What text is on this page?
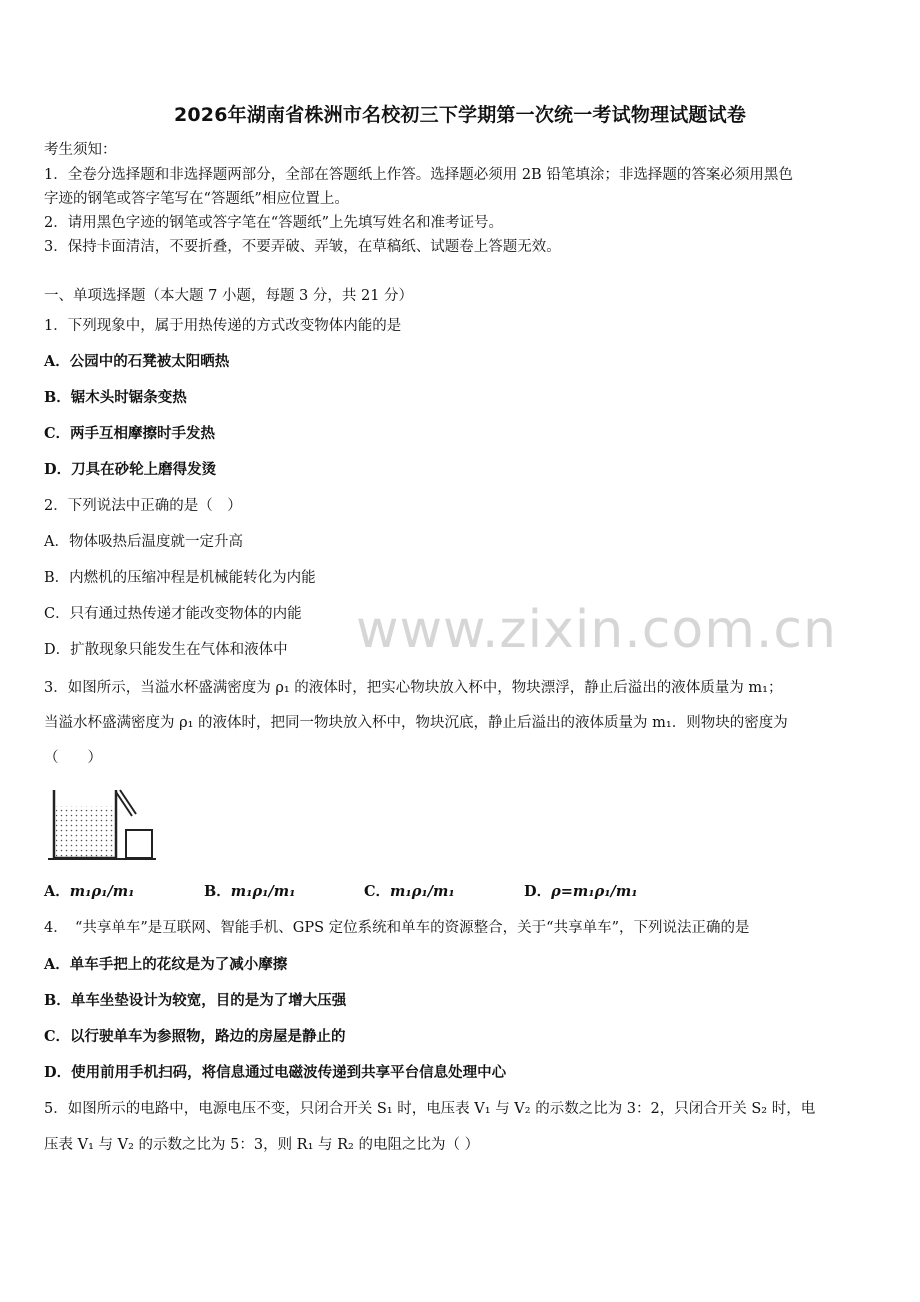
2026年湖南省株洲市名校初三下学期第一次统一考试物理试题试卷
考生须知：
1．全卷分选择题和非选择题两部分，全部在答题纸上作答。选择题必须用 2B 铅笔填涂；非选择题的答案必须用黑色
字迹的钢笔或答字笔写在“答题纸”相应位置上。
2．请用黑色字迹的钢笔或答字笔在“答题纸”上先填写姓名和准考证号。
3．保持卡面清洁，不要折叠，不要弄破、弄皱，在草稿纸、试题卷上答题无效。
一、单项选择题（本大题 7 小题，每题 3 分，共 21 分）
1．下列现象中，属于用热传递的方式改变物体内能的是
A．公园中的石凳被太阳晒热
B．锯木头时锯条变热
C．两手互相摩擦时手发热
D．刀具在砂轮上磨得发烫
2．下列说法中正确的是（　）
A．物体吸热后温度就一定升高
B．内燃机的压缩冲程是机械能转化为内能
C．只有通过热传递才能改变物体的内能
D．扩散现象只能发生在气体和液体中 www.zixin.com.cn
3．如图所示，当溢水杯盛满密度为 ρ₁ 的液体时，把实心物块放入杯中，物块漂浮，静止后溢出的液体质量为 m₁；
当溢水杯盛满密度为 ρ₁ 的液体时，把同一物块放入杯中，物块沉底，静止后溢出的液体质量为 m₁．则物块的密度为
（　　）
A．m₁ρ₁/m₁	B．m₁ρ₁/m₁	C．m₁ρ₁/m₁	D．ρ=m₁ρ₁/m₁
4．　“共享单车”是互联网、智能手机、GPS 定位系统和单车的资源整合，关于“共享单车”，下列说法正确的是
A．单车手把上的花纹是为了减小摩擦
B．单车坐垫设计为较宽，目的是为了增大压强
C．以行驶单车为参照物，路边的房屋是静止的
D．使用前用手机扫码，将信息通过电磁波传递到共享平台信息处理中心
5．如图所示的电路中，电源电压不变，只闭合开关 S₁ 时，电压表 V₁ 与 V₂ 的示数之比为 3：2，只闭合开关 S₂ 时，电
压表 V₁ 与 V₂ 的示数之比为 5：3，则 R₁ 与 R₂ 的电阻之比为（ ）
